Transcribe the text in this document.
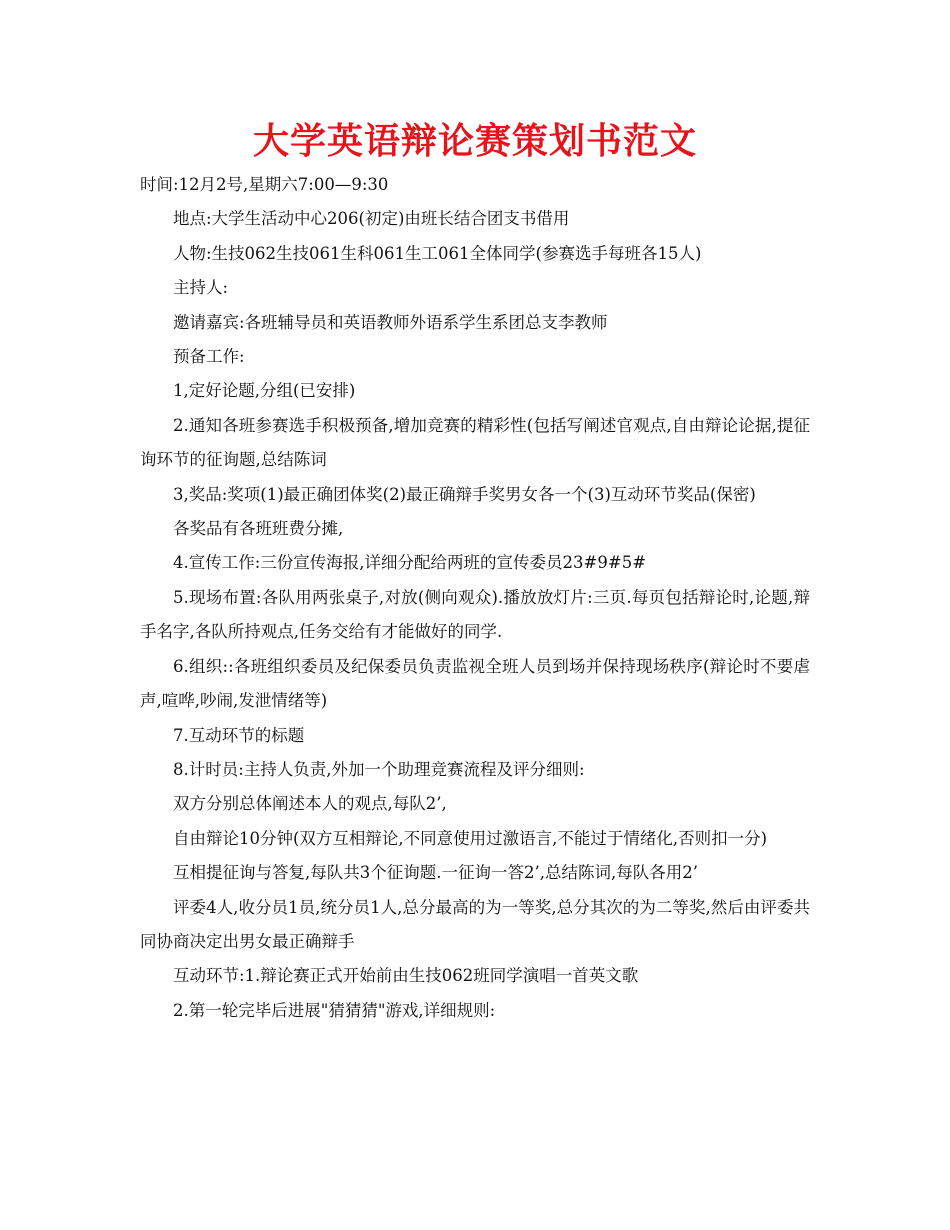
大学英语辩论赛策划书范文

时间:12月2号,星期六7:00—9:30

地点:大学生活动中心206(初定)由班长结合团支书借用

人物:生技062生技061生科061生工061全体同学(参赛选手每班各15人)

主持人:

邀请嘉宾:各班辅导员和英语教师外语系学生系团总支李教师

预备工作:

1,定好论题,分组(已安排)

2.通知各班参赛选手积极预备,增加竞赛的精彩性(包括写阐述官观点,自由辩论论据,提征询环节的征询题,总结陈词

3,奖品:奖项(1)最正确团体奖(2)最正确辩手奖男女各一个(3)互动环节奖品(保密)

各奖品有各班班费分摊,

4.宣传工作:三份宣传海报,详细分配给两班的宣传委员23#9#5#

5.现场布置:各队用两张桌子,对放(侧向观众).播放放灯片:三页.每页包括辩论时,论题,辩手名字,各队所持观点,任务交给有才能做好的同学.

6.组织::各班组织委员及纪保委员负责监视全班人员到场并保持现场秩序(辩论时不要虐声,喧哗,吵闹,发泄情绪等)

7.互动环节的标题

8.计时员:主持人负责,外加一个助理竞赛流程及评分细则:

双方分别总体阐述本人的观点,每队2’,

自由辩论10分钟(双方互相辩论,不同意使用过激语言,不能过于情绪化,否则扣一分)

互相提征询与答复,每队共3个征询题.一征询一答2’,总结陈词,每队各用2’

评委4人,收分员1员,统分员1人,总分最高的为一等奖,总分其次的为二等奖,然后由评委共同协商决定出男女最正确辩手

互动环节:1.辩论赛正式开始前由生技062班同学演唱一首英文歌

2.第一轮完毕后进展"猜猜猜"游戏,详细规则:
